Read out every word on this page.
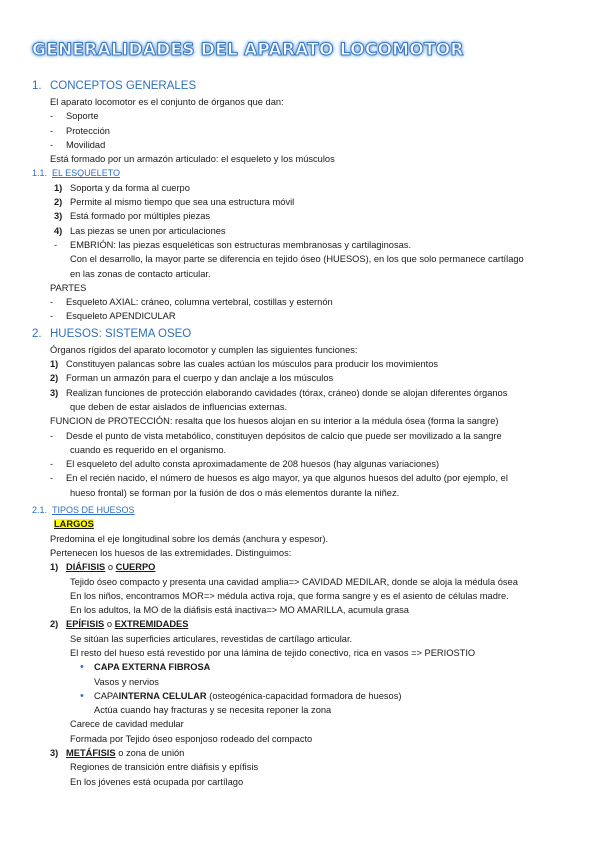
GENERALIDADES DEL APARATO LOCOMOTOR
1. CONCEPTOS GENERALES
El aparato locomotor es el conjunto de órganos que dan:
- Soporte
- Protección
- Movilidad
Está formado por un armazón articulado: el esqueleto y los músculos
1.1. EL ESQUELETO
1) Soporta y da forma al cuerpo
2) Permite al mismo tiempo que sea una estructura móvil
3) Está formado por múltiples piezas
4) Las piezas se unen por articulaciones
- EMBRIÓN: las piezas esqueléticas son estructuras membranosas y cartilaginosas.
Con el desarrollo, la mayor parte se diferencia en tejido óseo (HUESOS), en los que solo permanece cartílago
en las zonas de contacto articular.
PARTES
- Esqueleto AXIAL: cráneo, columna vertebral, costillas y esternón
- Esqueleto APENDICULAR
2. HUESOS: SISTEMA OSEO
Órganos rígidos del aparato locomotor y cumplen las siguientes funciones:
1) Constituyen palancas sobre las cuales actúan los músculos para producir los movimientos
2) Forman un armazón para el cuerpo y dan anclaje a los músculos
3) Realizan funciones de protección elaborando cavidades (tórax, cráneo) donde se alojan diferentes órganos
que deben de estar aislados de influencias externas.
FUNCION de PROTECCIÓN: resalta que los huesos alojan en su interior a la médula ósea (forma la sangre)
- Desde el punto de vista metabólico, constituyen depósitos de calcio que puede ser movilizado a la sangre
cuando es requerido en el organismo.
- El esqueleto del adulto consta aproximadamente de 208 huesos (hay algunas variaciones)
- En el recién nacido, el número de huesos es algo mayor, ya que algunos huesos del adulto (por ejemplo, el
hueso frontal) se forman por la fusión de dos o más elementos durante la niñez.
2.1. TIPOS DE HUESOS
LARGOS
Predomina el eje longitudinal sobre los demás (anchura y espesor).
Pertenecen los huesos de las extremidades. Distinguimos:
1) DIÁFISIS o CUERPO
Tejido óseo compacto y presenta una cavidad amplia=> CAVIDAD MEDILAR, donde se aloja la médula ósea
En los niños, encontramos MOR=> médula activa roja, que forma sangre y es el asiento de células madre.
En los adultos, la MO de la diáfisis está inactiva=> MO AMARILLA, acumula grasa
2) EPÍFISIS o EXTREMIDADES
Se sitúan las superficies articulares, revestidas de cartílago articular.
El resto del hueso está revestido por una lámina de tejido conectivo, rica en vasos => PERIOSTIO
• CAPA EXTERNA FIBROSA
Vasos y nervios
• CAPAINTERNA CELULAR (osteogénica-capacidad formadora de huesos)
Actúa cuando hay fracturas y se necesita reponer la zona
Carece de cavidad medular
Formada por Tejido óseo esponjoso rodeado del compacto
3) METÁFISIS o zona de unión
Regiones de transición entre diáfisis y epífisis
En los jóvenes está ocupada por cartílago
